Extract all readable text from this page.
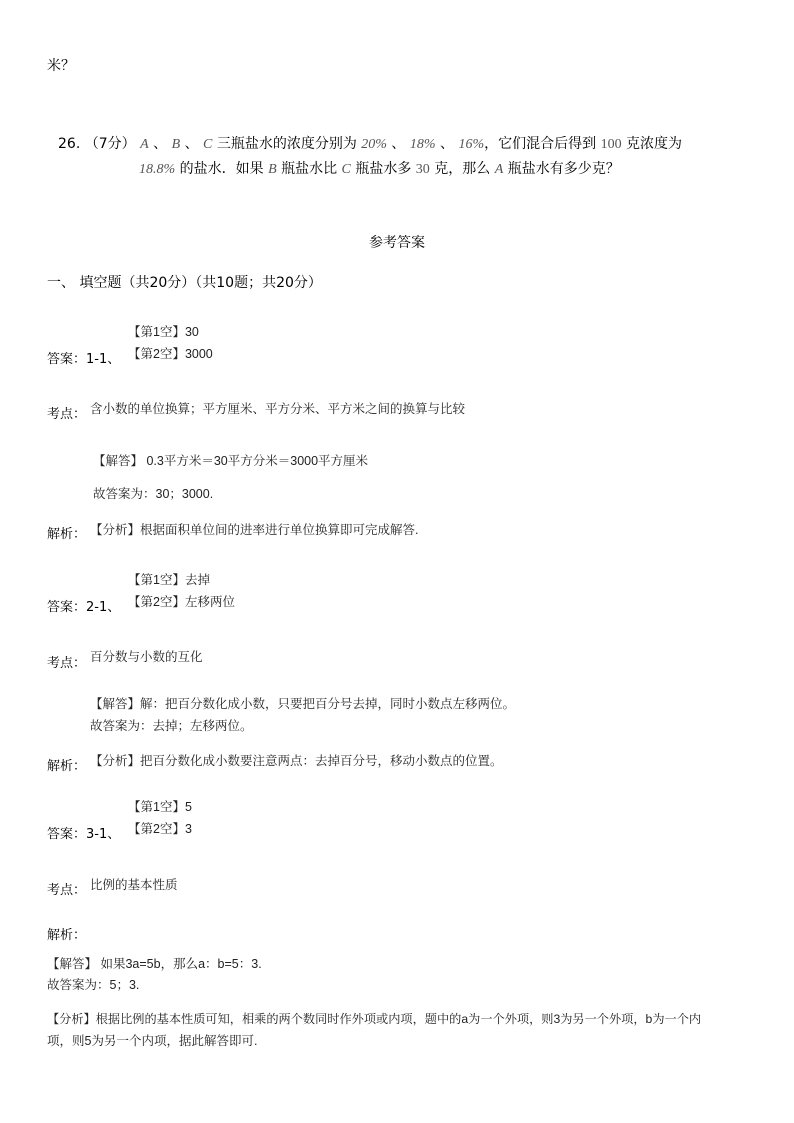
米？
26. （7分） A 、 B 、 C 三瓶盐水的浓度分别为 20% 、 18% 、 16%，它们混合后得到 100 克浓度为
18.8% 的盐水．如果 B 瓶盐水比 C 瓶盐水多 30 克，那么 A 瓶盐水有多少克？
参考答案
一、 填空题（共20分）（共10题；共20分）
【第1空】30
答案：1-1、 【第2空】3000
考点： 含小数的单位换算；平方厘米、平方分米、平方米之间的换算与比较
【解答】 0.3平方米＝30平方分米＝3000平方厘米
故答案为：30；3000.
解析： 【分析】根据面积单位间的进率进行单位换算即可完成解答.
【第1空】去掉
答案：2-1、 【第2空】左移两位
考点： 百分数与小数的互化
【解答】解：把百分数化成小数，只要把百分号去掉，同时小数点左移两位。
故答案为：去掉；左移两位。
解析： 【分析】把百分数化成小数要注意两点：去掉百分号，移动小数点的位置。
【第1空】5
答案：3-1、 【第2空】3
考点： 比例的基本性质
解析：
【解答】 如果3a=5b，那么a：b=5：3.
故答案为：5；3.
【分析】根据比例的基本性质可知，相乘的两个数同时作外项或内项，题中的a为一个外项，则3为另一个外项，b为一个内
项，则5为另一个内项，据此解答即可.
